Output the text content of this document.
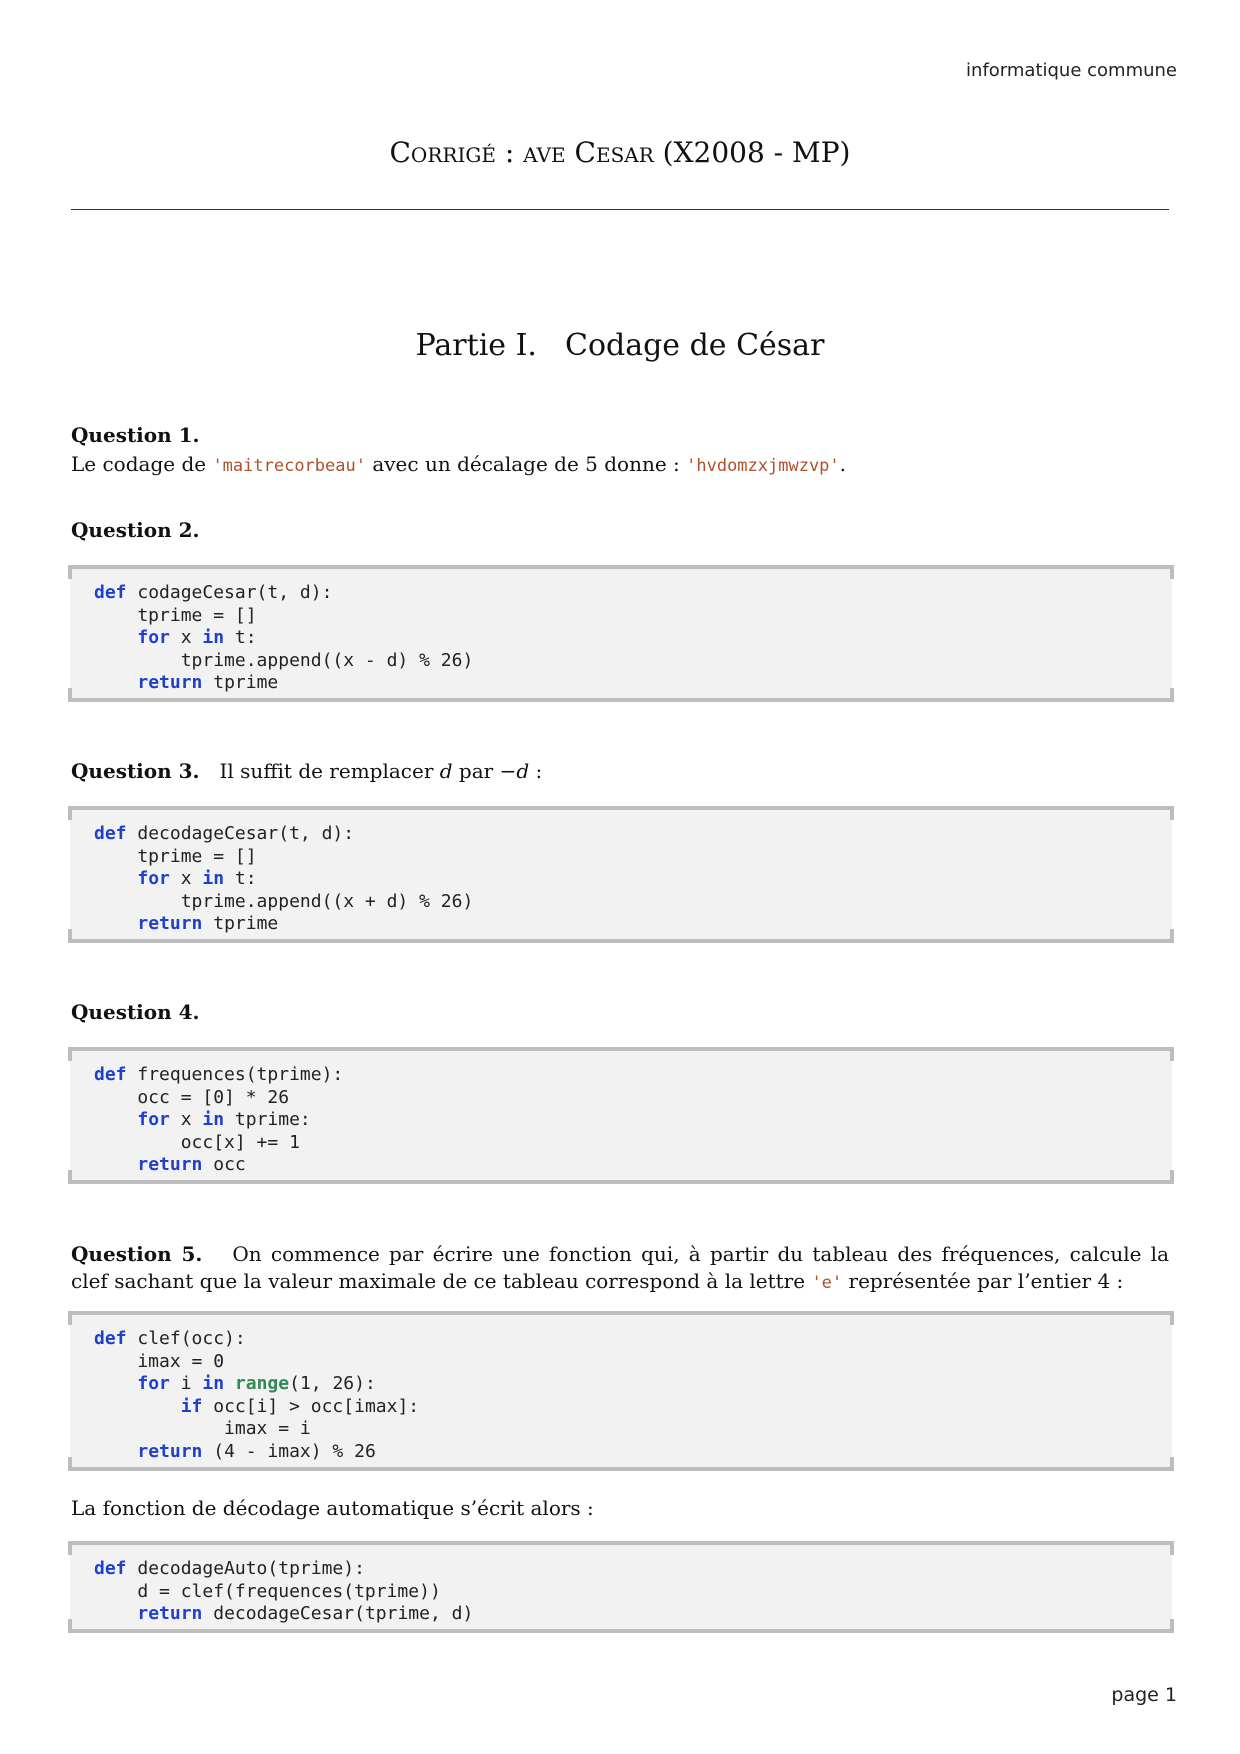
informatique commune
Corrigé : ave Cesar (X2008 - MP)
Partie I. Codage de César
Question 1.
Le codage de 'maitrecorbeau' avec un décalage de 5 donne : 'hvdomzxjmwzvp'.
Question 2.
def codageCesar(t, d):
tprime = []
for x in t:
tprime.append((x - d) % 26)
return tprime
Question 3. Il suffit de remplacer d par −d :
def decodageCesar(t, d):
tprime = []
for x in t:
tprime.append((x + d) % 26)
return tprime
Question 4.
def frequences(tprime):
occ = [0] * 26
for x in tprime:
occ[x] += 1
return occ
Question 5. On commence par écrire une fonction qui, à partir du tableau des fréquences, calcule la clef sachant que la valeur maximale de ce tableau correspond à la lettre 'e' représentée par l’entier 4 :
def clef(occ):
imax = 0
for i in range(1, 26):
if occ[i] > occ[imax]:
imax = i
return (4 - imax) % 26
La fonction de décodage automatique s’écrit alors :
def decodageAuto(tprime):
d = clef(frequences(tprime))
return decodageCesar(tprime, d)
page 1
